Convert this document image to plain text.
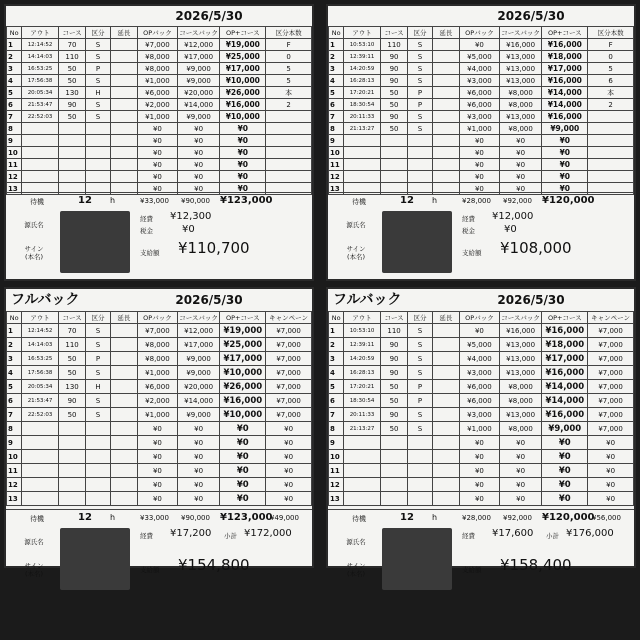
2026/5/30
No	アウト	コース	区分	延長	OPバック	コースバック	OP+コース	区分本数
1	12:14:52	70	S		¥7,000	¥12,000	¥19,000	F
2	14:14:03	110	S		¥8,000	¥17,000	¥25,000	0
3	16:53:25	50	P		¥8,000	¥9,000	¥17,000	5
4	17:56:38	50	S		¥1,000	¥9,000	¥10,000	5
5	20:05:34	130	H		¥6,000	¥20,000	¥26,000	本
6	21:53:47	90	S		¥2,000	¥14,000	¥16,000	2
7	22:52:03	50	S		¥1,000	¥9,000	¥10,000	
8					¥0	¥0	¥0	
9					¥0	¥0	¥0	
10					¥0	¥0	¥0	
11					¥0	¥0	¥0	
12					¥0	¥0	¥0	
13					¥0	¥0	¥0	
待機	12 h	¥33,000 ¥90,000 ¥123,000
源氏名
サイン
(本名)
経費 ¥12,300
税金	¥0
支給額 ¥110,700
2026/5/30
No	アウト	コース	区分	延長	OPバック	コースバック	OP+コース	区分本数
1	10:53:10	110	S		¥0	¥16,000	¥16,000	F
2	12:39:11	90	S		¥5,000	¥13,000	¥18,000	0
3	14:20:59	90	S		¥4,000	¥13,000	¥17,000	5
4	16:28:13	90	S		¥3,000	¥13,000	¥16,000	6
5	17:20:21	50	P		¥6,000	¥8,000	¥14,000	本
6	18:30:54	50	P		¥6,000	¥8,000	¥14,000	2
7	20:11:33	90	S		¥3,000	¥13,000	¥16,000	
8	21:13:27	50	S		¥1,000	¥8,000	¥9,000	
9					¥0	¥0	¥0	
10					¥0	¥0	¥0	
11					¥0	¥0	¥0	
12					¥0	¥0	¥0	
13					¥0	¥0	¥0	
待機	12 h	¥28,000 ¥92,000 ¥120,000
源氏名
サイン
(本名)
経費 ¥12,000
税金	¥0
支給額 ¥108,000
フルバック	2026/5/30
No	アウト	コース	区分	延長	OPバック	コースバック	OP+コース	キャンペーン
1	12:14:52	70	S		¥7,000	¥12,000	¥19,000	¥7,000
2	14:14:03	110	S		¥8,000	¥17,000	¥25,000	¥7,000
3	16:53:25	50	P		¥8,000	¥9,000	¥17,000	¥7,000
4	17:56:38	50	S		¥1,000	¥9,000	¥10,000	¥7,000
5	20:05:34	130	H		¥6,000	¥20,000	¥26,000	¥7,000
6	21:53:47	90	S		¥2,000	¥14,000	¥16,000	¥7,000
7	22:52:03	50	S		¥1,000	¥9,000	¥10,000	¥7,000
8					¥0	¥0	¥0	¥0
9					¥0	¥0	¥0	¥0
10					¥0	¥0	¥0	¥0
11					¥0	¥0	¥0	¥0
12					¥0	¥0	¥0	¥0
13					¥0	¥0	¥0	¥0
待機	12 h	¥33,000 ¥90,000 ¥123,000
¥49,000
源氏名
サイン
(本名)
経費 ¥17,200 小計 ¥172,000
支給額 ¥154,800
フルバック	2026/5/30
No	アウト	コース	区分	延長	OPバック	コースバック	OP+コース	キャンペーン
1	10:53:10	110	S		¥0	¥16,000	¥16,000	¥7,000
2	12:39:11	90	S		¥5,000	¥13,000	¥18,000	¥7,000
3	14:20:59	90	S		¥4,000	¥13,000	¥17,000	¥7,000
4	16:28:13	90	S		¥3,000	¥13,000	¥16,000	¥7,000
5	17:20:21	50	P		¥6,000	¥8,000	¥14,000	¥7,000
6	18:30:54	50	P		¥6,000	¥8,000	¥14,000	¥7,000
7	20:11:33	90	S		¥3,000	¥13,000	¥16,000	¥7,000
8	21:13:27	50	S		¥1,000	¥8,000	¥9,000	¥7,000
9					¥0	¥0	¥0	¥0
10					¥0	¥0	¥0	¥0
11					¥0	¥0	¥0	¥0
12					¥0	¥0	¥0	¥0
13					¥0	¥0	¥0	¥0
待機	12 h	¥28,000 ¥92,000 ¥120,000
¥56,000
源氏名
サイン
(本名)
経費 ¥17,600 小計 ¥176,000
支給額 ¥158,400
